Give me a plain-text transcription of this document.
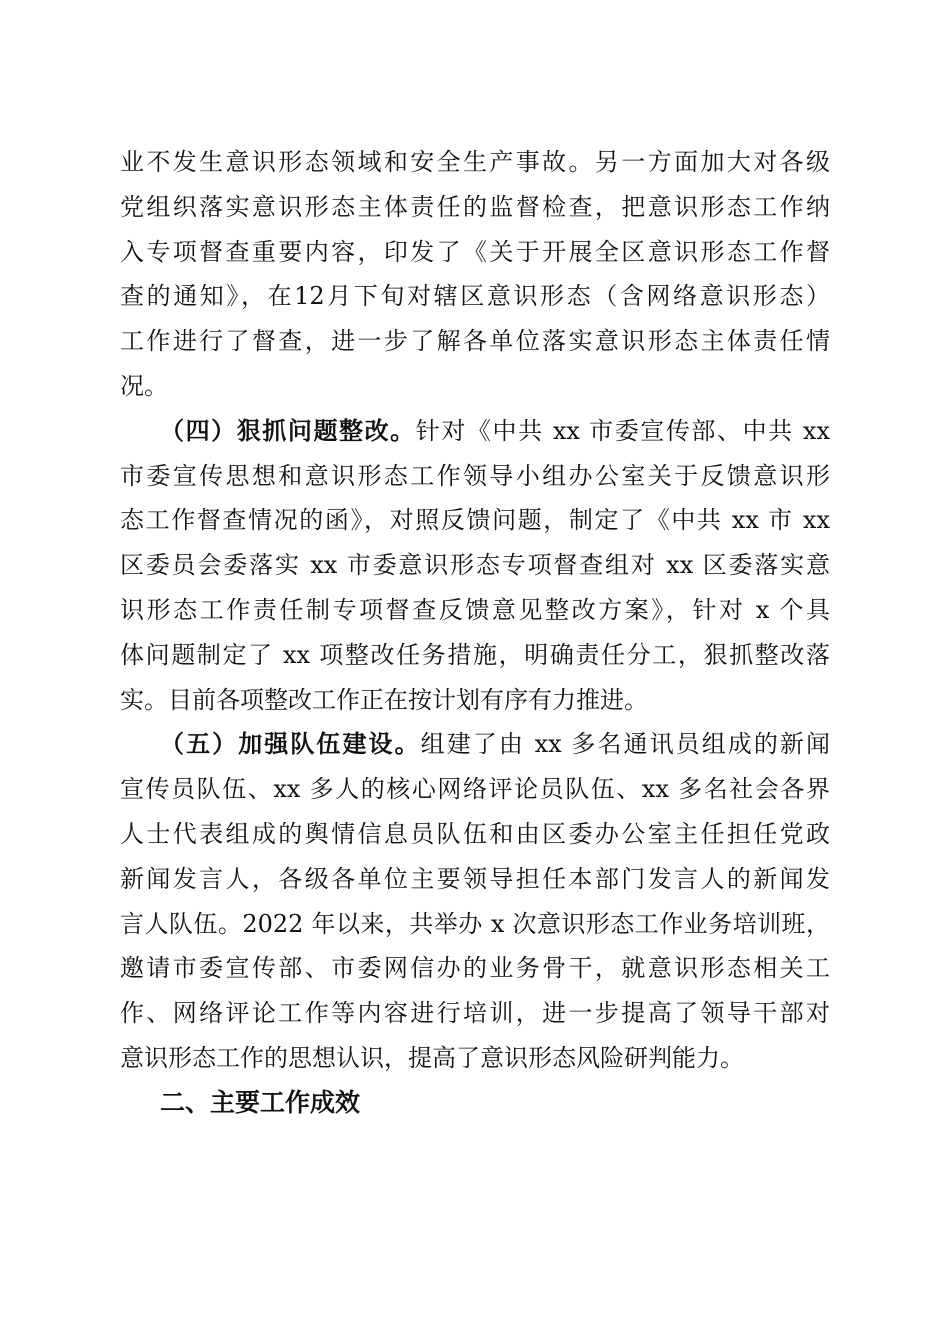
业不发生意识形态领域和安全生产事故。另一方面加大对各级
党组织落实意识形态主体责任的监督检查，把意识形态工作纳
入专项督查重要内容，印发了《关于开展全区意识形态工作督
查的通知》，在12月下旬对辖区意识形态（含网络意识形态）
工作进行了督查，进一步了解各单位落实意识形态主体责任情
况。
（四）狠抓问题整改。针对《中共 xx 市委宣传部、中共 xx
市委宣传思想和意识形态工作领导小组办公室关于反馈意识形
态工作督查情况的函》，对照反馈问题，制定了《中共 xx 市 xx
区委员会委落实 xx 市委意识形态专项督查组对 xx 区委落实意
识形态工作责任制专项督查反馈意见整改方案》，针对 x 个具
体问题制定了 xx 项整改任务措施，明确责任分工，狠抓整改落
实。目前各项整改工作正在按计划有序有力推进。
（五）加强队伍建设。组建了由 xx 多名通讯员组成的新闻
宣传员队伍、xx 多人的核心网络评论员队伍、xx 多名社会各界
人士代表组成的舆情信息员队伍和由区委办公室主任担任党政
新闻发言人，各级各单位主要领导担任本部门发言人的新闻发
言人队伍。2022 年以来，共举办 x 次意识形态工作业务培训班，
邀请市委宣传部、市委网信办的业务骨干，就意识形态相关工
作、网络评论工作等内容进行培训，进一步提高了领导干部对
意识形态工作的思想认识，提高了意识形态风险研判能力。
二、主要工作成效
